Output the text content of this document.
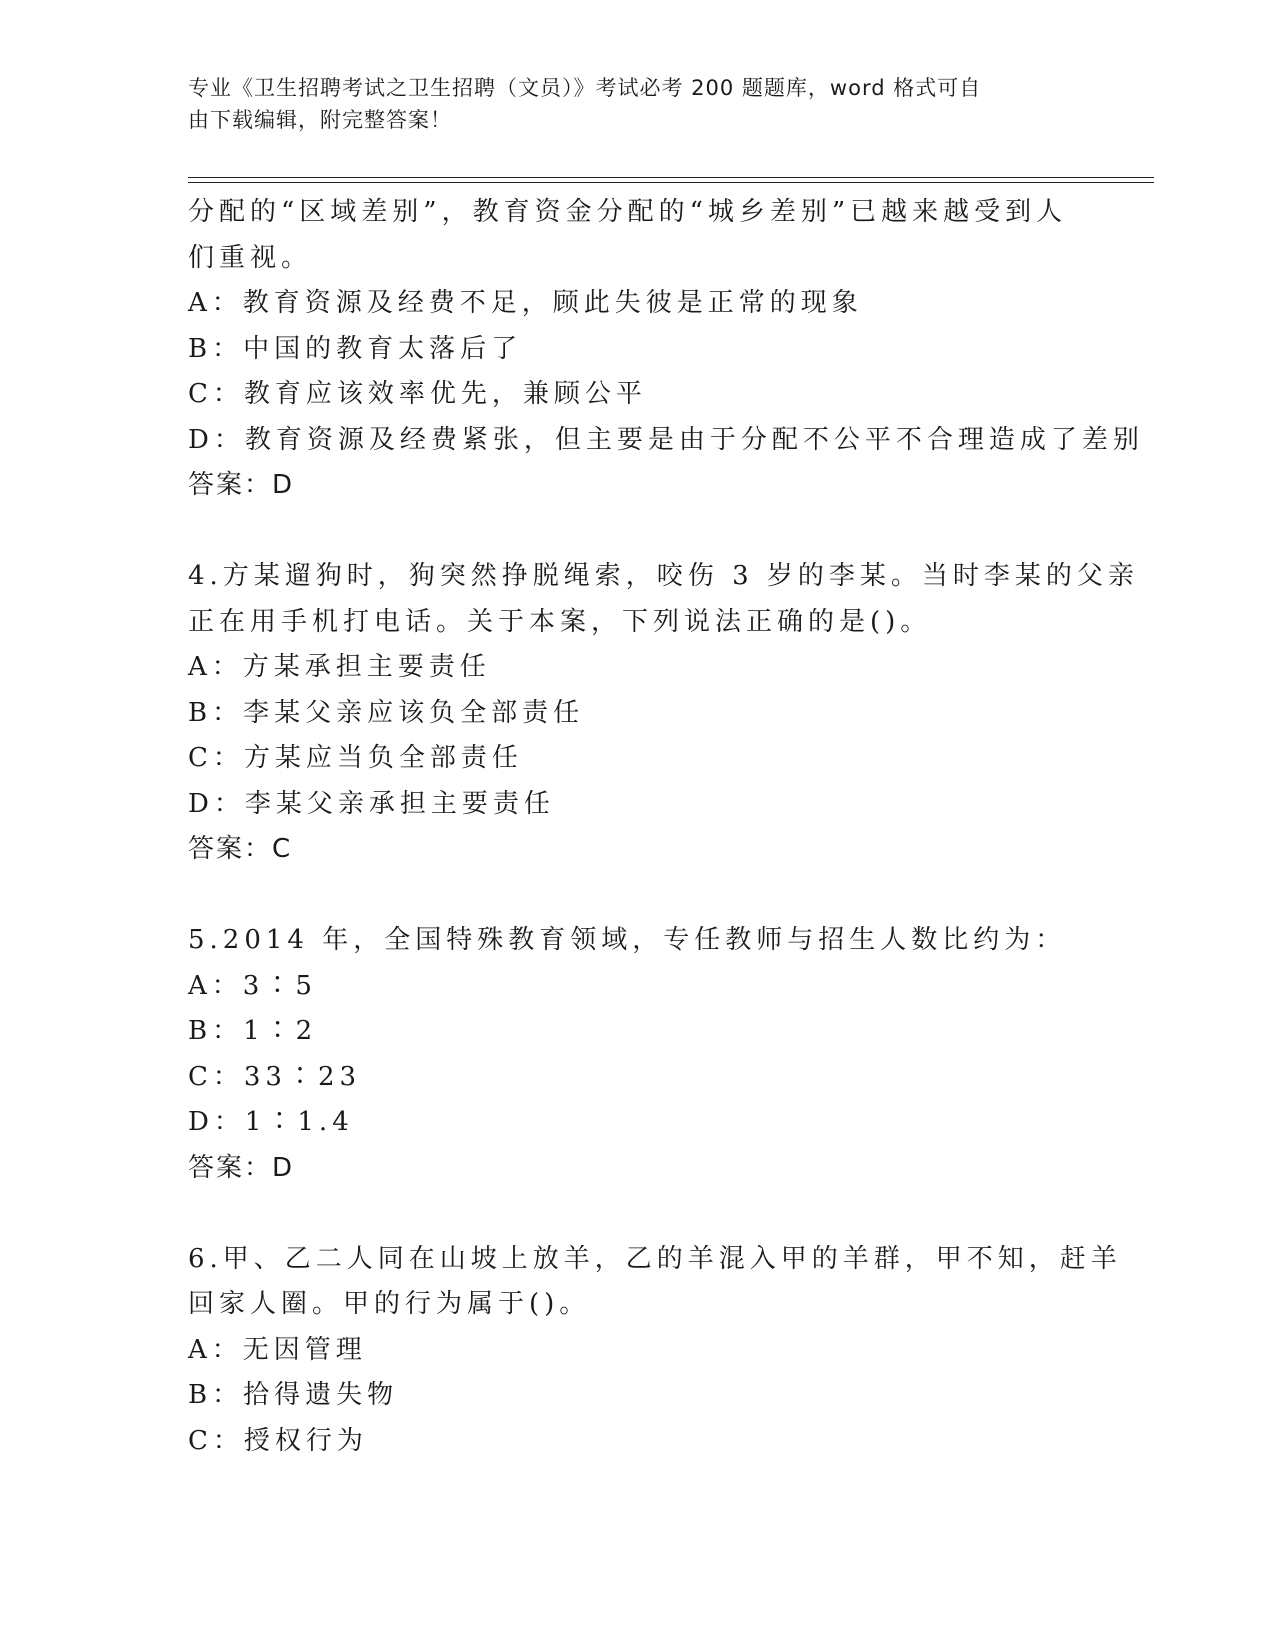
专业《卫生招聘考试之卫生招聘（文员）》考试必考 200 题题库，word 格式可自
由下载编辑，附完整答案！

分配的“区域差别”，教育资金分配的“城乡差别”已越来越受到人

们重视。

A：教育资源及经费不足，顾此失彼是正常的现象

B：中国的教育太落后了

C：教育应该效率优先，兼顾公平

D：教育资源及经费紧张，但主要是由于分配不公平不合理造成了差别

答案：D

4.方某遛狗时，狗突然挣脱绳索，咬伤 3 岁的李某。当时李某的父亲

正在用手机打电话。关于本案，下列说法正确的是()。

A：方某承担主要责任

B：李某父亲应该负全部责任

C：方某应当负全部责任

D：李某父亲承担主要责任

答案：C

5.2014 年，全国特殊教育领域，专任教师与招生人数比约为：

A：3∶5

B：1∶2

C：33∶23

D：1∶1.4

答案：D

6.甲、乙二人同在山坡上放羊，乙的羊混入甲的羊群，甲不知，赶羊

回家人圈。甲的行为属于()。

A：无因管理

B：拾得遗失物

C：授权行为
